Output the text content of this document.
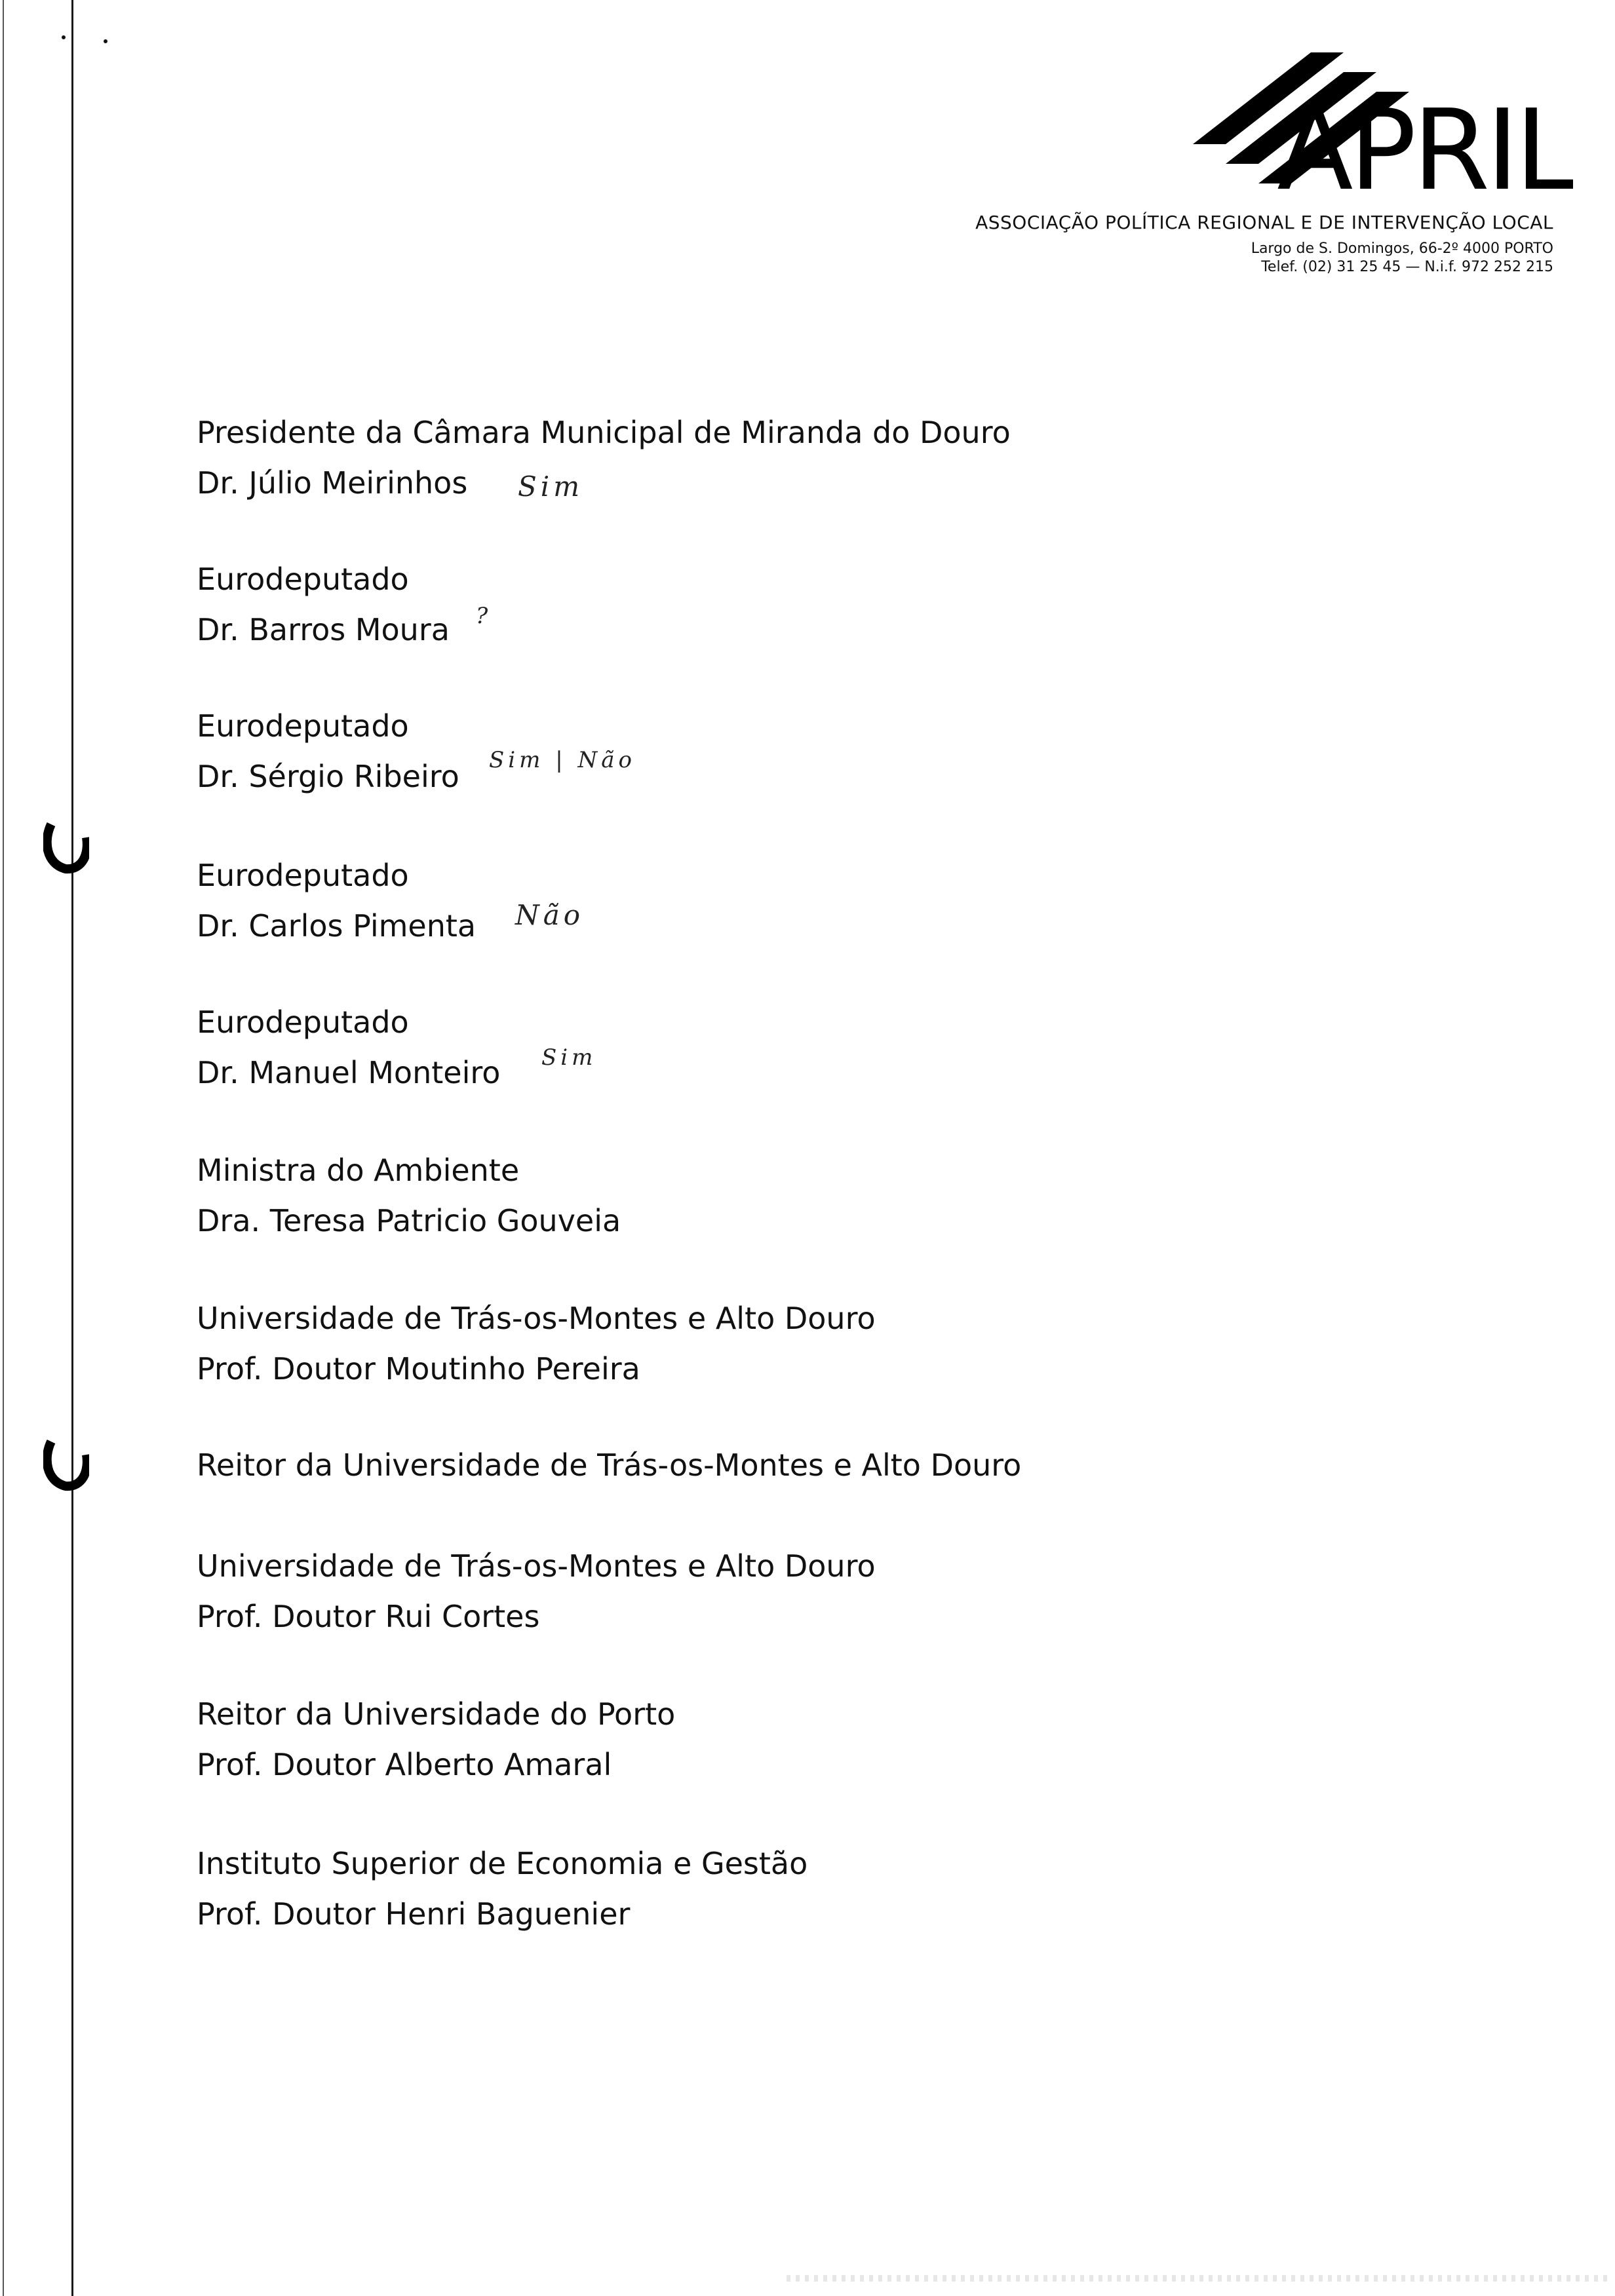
APRIL
ASSOCIAÇÃO POLÍTICA REGIONAL E DE INTERVENÇÃO LOCAL
Largo de S. Domingos, 66-2º 4000 PORTO
Telef. (02) 31 25 45 — N.i.f. 972 252 215
Presidente da Câmara Municipal de Miranda do Douro
Dr. Júlio Meirinhos	Sim
Eurodeputado
Dr. Barros Moura ?
Eurodeputado
Dr. Sérgio Ribeiro Sim | Não
Eurodeputado
Dr. Carlos Pimenta Não
Eurodeputado
Dr. Manuel Monteiro Sim
Ministra do Ambiente
Dra. Teresa Patricio Gouveia
Universidade de Trás-os-Montes e Alto Douro
Prof. Doutor Moutinho Pereira
Reitor da Universidade de Trás-os-Montes e Alto Douro
Universidade de Trás-os-Montes e Alto Douro
Prof. Doutor Rui Cortes
Reitor da Universidade do Porto
Prof. Doutor Alberto Amaral
Instituto Superior de Economia e Gestão
Prof. Doutor Henri Baguenier
